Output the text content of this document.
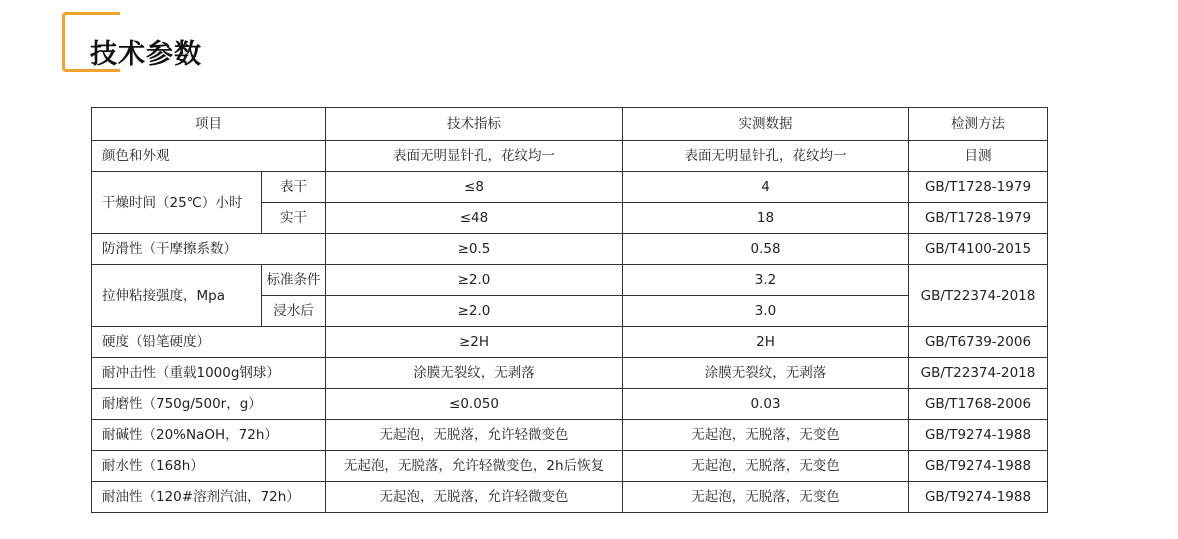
技术参数
项目		技术指标	实测数据	检测方法
颜色和外观		表面无明显针孔，花纹均一	表面无明显针孔，花纹均一	目测
干燥时间（25℃）小时	表干	≤8	4	GB/T1728-1979
	实干	≤48	18	GB/T1728-1979
防滑性（干摩擦系数）		≥0.5	0.58	GB/T4100-2015
拉伸粘接强度，Mpa	标准条件	≥2.0	3.2	GB/T22374-2018
	浸水后	≥2.0	3.0	
硬度（铅笔硬度）		≥2H	2H	GB/T6739-2006
耐冲击性（重载1000g钢球）		涂膜无裂纹，无剥落	涂膜无裂纹，无剥落	GB/T22374-2018
耐磨性（750g/500r，g）		≤0.050	0.03	GB/T1768-2006
耐碱性（20%NaOH，72h）		无起泡，无脱落，允许轻微变色	无起泡，无脱落，无变色	GB/T9274-1988
耐水性（168h）		无起泡，无脱落，允许轻微变色，2h后恢复	无起泡，无脱落，无变色	GB/T9274-1988
耐油性（120#溶剂汽油，72h）		无起泡，无脱落，允许轻微变色	无起泡，无脱落，无变色	GB/T9274-1988
